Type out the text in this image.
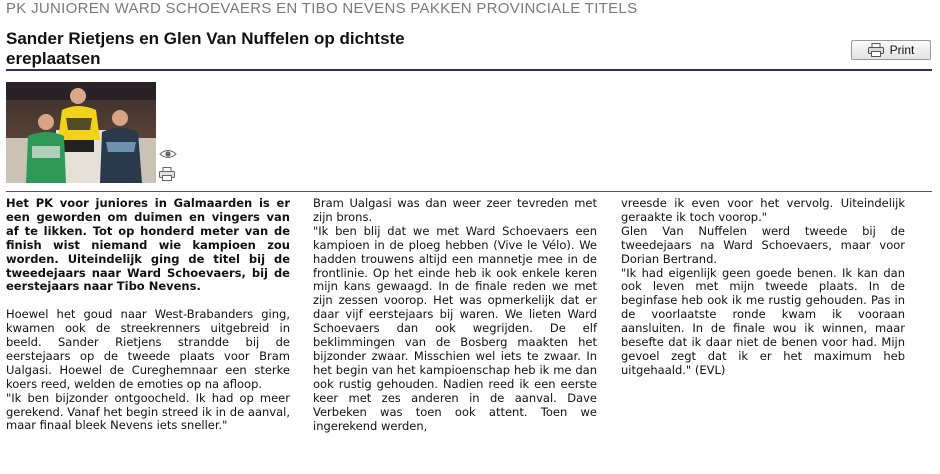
PK JUNIOREN WARD SCHOEVAERS EN TIBO NEVENS PAKKEN PROVINCIALE TITELS
Sander Rietjens en Glen Van Nuffelen op dichtste ereplaatsen	Print

Het PK voor juniores in Galmaarden is er een geworden om duimen en vingers van af te likken. Tot op honderd meter van de finish wist niemand wie kampioen zou worden. Uiteindelijk ging de titel bij de tweedejaars naar Ward Schoevaers, bij de eerstejaars naar Tibo Nevens.

Hoewel het goud naar West-Brabanders ging, kwamen ook de streekrenners uitgebreid in beeld. Sander Rietjens strandde bij de eerstejaars op de tweede plaats voor Bram Ualgasi. Hoewel de Cureghemnaar een sterke koers reed, welden de emoties op na afloop.

"Ik ben bijzonder ontgoocheld. Ik had op meer gerekend. Vanaf het begin streed ik in de aanval, maar finaal bleek Nevens iets sneller."

Bram Ualgasi was dan weer zeer tevreden met zijn brons.

"Ik ben blij dat we met Ward Schoevaers een kampioen in de ploeg hebben (Vive le Vélo). We hadden trouwens altijd een mannetje mee in de frontlinie. Op het einde heb ik ook enkele keren mijn kans gewaagd. In de finale reden we met zijn zessen voorop. Het was opmerkelijk dat er daar vijf eerstejaars bij waren. We lieten Ward Schoevaers dan ook wegrijden. De elf beklimmingen van de Bosberg maakten het bijzonder zwaar. Misschien wel iets te zwaar. In het begin van het kampioenschap heb ik me dan ook rustig gehouden. Nadien reed ik een eerste keer met zes anderen in de aanval. Dave Verbeken was toen ook attent. Toen we ingerekend werden,

vreesde ik even voor het vervolg. Uiteindelijk geraakte ik toch voorop."

Glen Van Nuffelen werd tweede bij de tweedejaars na Ward Schoevaers, maar voor Dorian Bertrand.

"Ik had eigenlijk geen goede benen. Ik kan dan ook leven met mijn tweede plaats. In de beginfase heb ook ik me rustig gehouden. Pas in de voorlaatste ronde kwam ik vooraan aansluiten. In de finale wou ik winnen, maar besefte dat ik daar niet de benen voor had. Mijn gevoel zegt dat ik er het maximum heb uitgehaald." (EVL)
